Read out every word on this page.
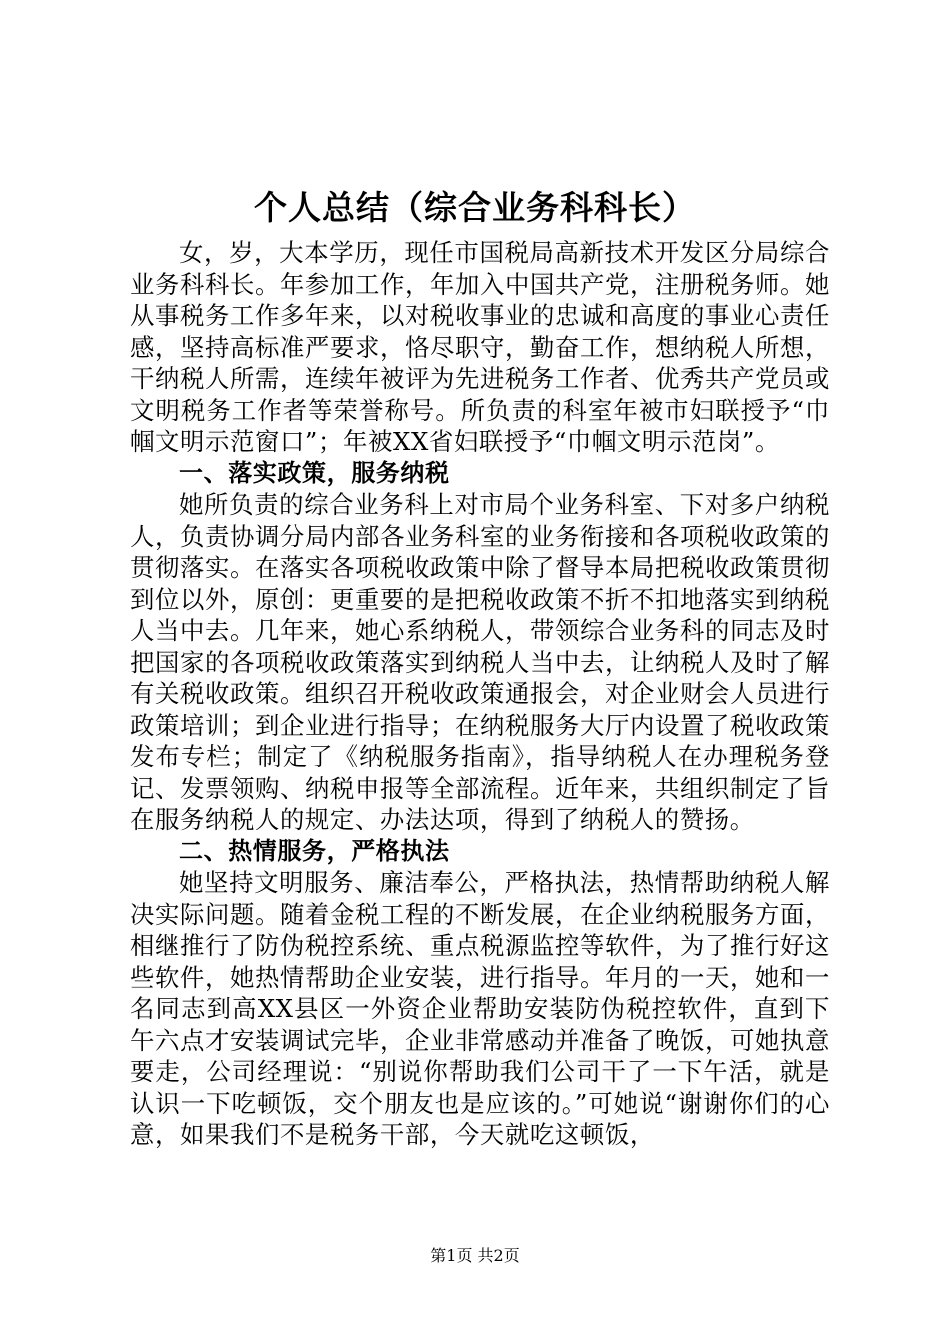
个人总结（综合业务科科长）

女，岁，大本学历，现任市国税局高新技术开发区分局综合业务科科长。年参加工作，年加入中国共产党，注册税务师。她从事税务工作多年来，以对税收事业的忠诚和高度的事业心责任感，坚持高标准严要求，恪尽职守，勤奋工作，想纳税人所想，干纳税人所需，连续年被评为先进税务工作者、优秀共产党员或文明税务工作者等荣誉称号。所负责的科室年被市妇联授予“巾帼文明示范窗口”；年被XX省妇联授予“巾帼文明示范岗”。

一、落实政策，服务纳税

她所负责的综合业务科上对市局个业务科室、下对多户纳税人，负责协调分局内部各业务科室的业务衔接和各项税收政策的贯彻落实。在落实各项税收政策中除了督导本局把税收政策贯彻到位以外，原创：更重要的是把税收政策不折不扣地落实到纳税人当中去。几年来，她心系纳税人，带领综合业务科的同志及时把国家的各项税收政策落实到纳税人当中去，让纳税人及时了解有关税收政策。组织召开税收政策通报会，对企业财会人员进行政策培训；到企业进行指导；在纳税服务大厅内设置了税收政策发布专栏；制定了《纳税服务指南》，指导纳税人在办理税务登记、发票领购、纳税申报等全部流程。近年来，共组织制定了旨在服务纳税人的规定、办法达项，得到了纳税人的赞扬。

二、热情服务，严格执法

她坚持文明服务、廉洁奉公，严格执法，热情帮助纳税人解决实际问题。随着金税工程的不断发展，在企业纳税服务方面，相继推行了防伪税控系统、重点税源监控等软件，为了推行好这些软件，她热情帮助企业安装，进行指导。年月的一天，她和一名同志到高XX县区一外资企业帮助安装防伪税控软件，直到下午六点才安装调试完毕，企业非常感动并准备了晚饭，可她执意要走，公司经理说：“别说你帮助我们公司干了一下午活，就是认识一下吃顿饭，交个朋友也是应该的。”可她说“谢谢你们的心意，如果我们不是税务干部，今天就吃这顿饭，

第1页 共2页
